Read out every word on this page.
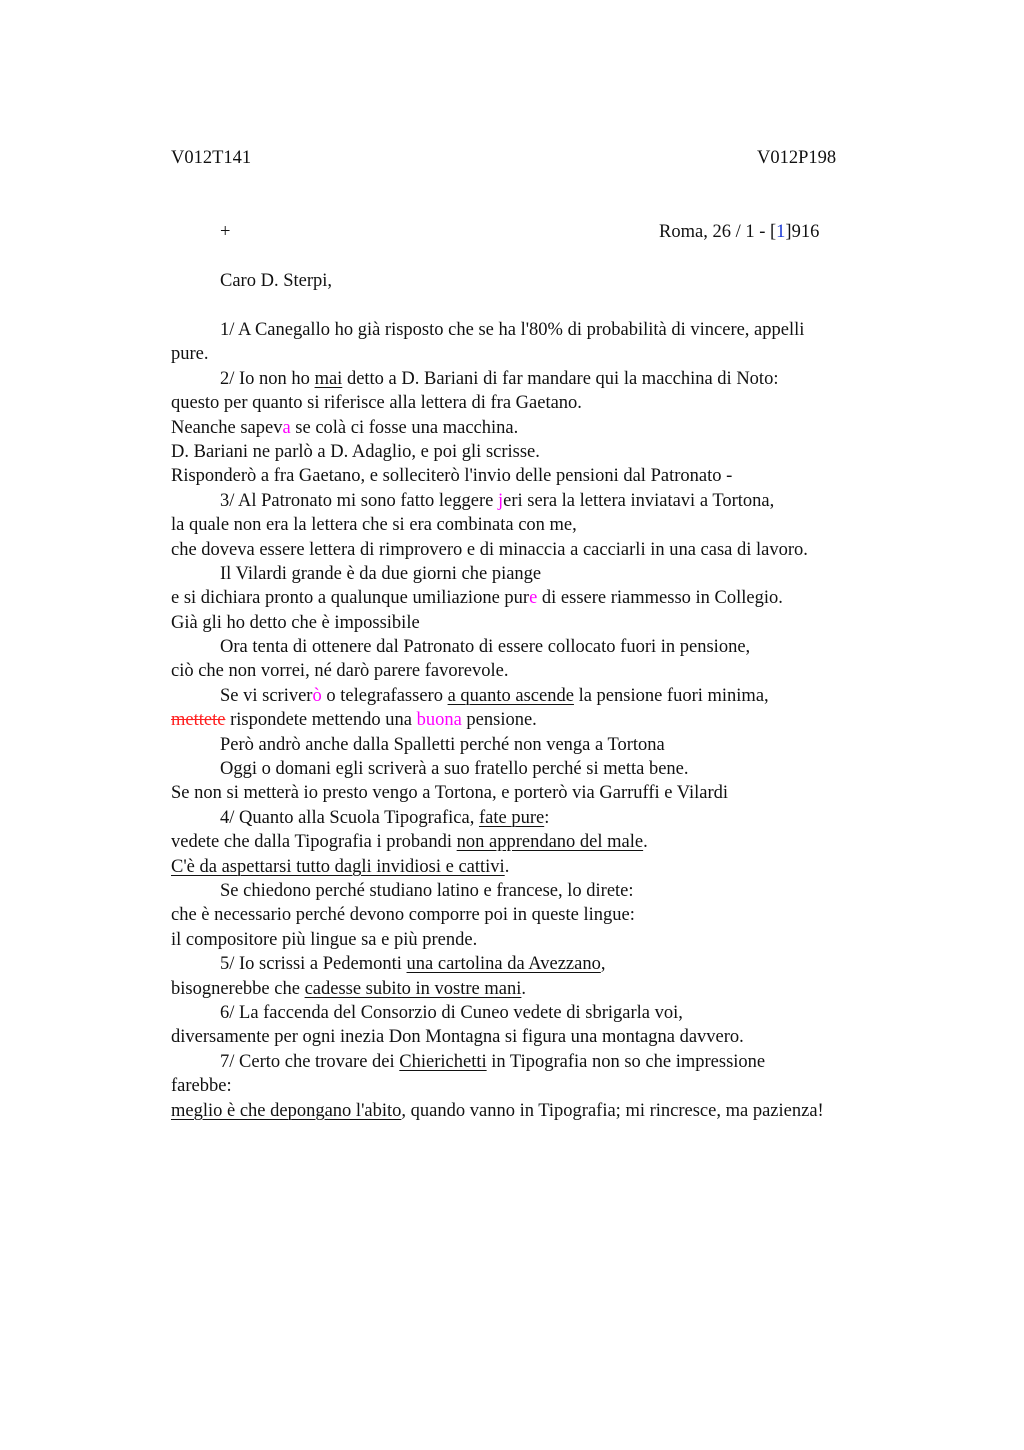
V012T141	V012P198
+	Roma, 26 / 1 - [1]916
Caro D. Sterpi,
1/ A Canegallo ho già risposto che se ha l'80% di probabilità di vincere, appelli
pure.
2/ Io non ho mai detto a D. Bariani di far mandare qui la macchina di Noto:
questo per quanto si riferisce alla lettera di fra Gaetano.
Neanche sapeva se colà ci fosse una macchina.
D. Bariani ne parlò a D. Adaglio, e poi gli scrisse.
Risponderò a fra Gaetano, e solleciterò l'invio delle pensioni dal Patronato -
3/ Al Patronato mi sono fatto leggere jeri sera la lettera inviatavi a Tortona,
la quale non era la lettera che si era combinata con me,
che doveva essere lettera di rimprovero e di minaccia a cacciarli in una casa di lavoro.
Il Vilardi grande è da due giorni che piange
e si dichiara pronto a qualunque umiliazione pure di essere riammesso in Collegio.
Già gli ho detto che è impossibile
Ora tenta di ottenere dal Patronato di essere collocato fuori in pensione,
ciò che non vorrei, né darò parere favorevole.
Se vi scriverò o telegrafassero a quanto ascende la pensione fuori minima,
mettete rispondete mettendo una buona pensione.
Però andrò anche dalla Spalletti perché non venga a Tortona
Oggi o domani egli scriverà a suo fratello perché si metta bene.
Se non si metterà io presto vengo a Tortona, e porterò via Garruffi e Vilardi
4/ Quanto alla Scuola Tipografica, fate pure:
vedete che dalla Tipografia i probandi non apprendano del male.
C'è da aspettarsi tutto dagli invidiosi e cattivi.
Se chiedono perché studiano latino e francese, lo direte:
che è necessario perché devono comporre poi in queste lingue:
il compositore più lingue sa e più prende.
5/ Io scrissi a Pedemonti una cartolina da Avezzano,
bisognerebbe che cadesse subito in vostre mani.
6/ La faccenda del Consorzio di Cuneo vedete di sbrigarla voi,
diversamente per ogni inezia Don Montagna si figura una montagna davvero.
7/ Certo che trovare dei Chierichetti in Tipografia non so che impressione
farebbe:
meglio è che depongano l'abito, quando vanno in Tipografia; mi rincresce, ma pazienza!
